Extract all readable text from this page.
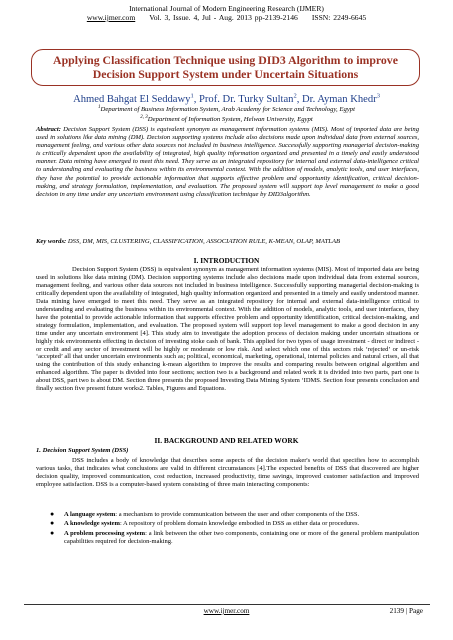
International Journal of Modern Engineering Research (IJMER)
www.ijmer.com Vol. 3, Issue. 4, Jul - Aug. 2013 pp-2139-2146 ISSN: 2249-6645
Applying Classification Technique using DID3 Algorithm to improve
Decision Support System under Uncertain Situations
Ahmed Bahgat El Seddawy$^1$, Prof. Dr. Turky Sultan$^2$, Dr. Ayman Khedr$^3$
$^1$Department of Business Information System, Arab Academy for Science and Technology, Egypt
$^{2, 3}$Department of Information System, Helwan University, Egypt
Abstract: Decision Support System (DSS) is equivalent synonym as management information systems (MIS). Most of imported data are being used in solutions like data mining (DM). Decision supporting systems include also decisions made upon individual data from external sources, management feeling, and various other data sources not included in business intelligence. Successfully supporting managerial decision-making is critically dependent upon the availability of integrated, high quality information organized and presented in a timely and easily understood manner. Data mining have emerged to meet this need. They serve as an integrated repository for internal and external data-intelligence critical to understanding and evaluating the business within its environmental context. With the addition of models, analytic tools, and user interfaces, they have the potential to provide actionable information that supports effective problem and opportunity identification, critical decision-making, and strategy formulation, implementation, and evaluation. The proposed system will support top level management to make a good decision in any time under any uncertain environment using classification technique by DID3algorithm.
Key words: DSS, DM, MIS, CLUSTERING, CLASSIFICATION, ASSOCIATION RULE, K-MEAN, OLAP, MATLAB
I. INTRODUCTION

Decision Support System (DSS) is equivalent synonym as management information systems (MIS). Most of imported data are being used in solutions like data mining (DM). Decision supporting systems include also decisions made upon individual data from external sources, management feeling, and various other data sources not included in business intelligence. Successfully supporting managerial decision-making is critically dependent upon the availability of integrated, high quality information organized and presented in a timely and easily understood manner. Data mining have emerged to meet this need. They serve as an integrated repository for internal and external data-intelligence critical to understanding and evaluating the business within its environmental context. With the addition of models, analytic tools, and user interfaces, they have the potential to provide actionable information that supports effective problem and opportunity identification, critical decision-making, and strategy formulation, implementation, and evaluation. The proposed system will support top level management to make a good decision in any time under any uncertain environment [4]. This study aim to investigate the adoption process of decision making under uncertain situations or highly risk environments effecting in decision of investing stoke cash of bank. This applied for two types of usage investment - direct or indirect - or credit and any sector of investment will be highly or moderate or low risk. And select which one of this sectors risk ‘rejected’ or un-risk ‘accepted’ all that under uncertain environments such as; political, economical, marketing, operational, internal policies and natural crises, all that using the contribution of this study enhancing k-mean algorithm to improve the results and comparing results between original algorithm and enhanced algorithm. The paper is divided into four sections; section two is a background and related work it is divided into two parts, part one is about DSS, part two is about DM. Section three presents the proposed Investing Data Mining System ‘IDMS. Section four presents conclusion and finally section five present future works2. Tables, Figures and Equations.

II. BACKGROUND AND RELATED WORK
1. Decision Support System (DSS)

DSS includes a body of knowledge that describes some aspects of the decision maker's world that specifies how to accomplish various tasks, that indicates what conclusions are valid in different circumstances [4].The expected benefits of DSS that discovered are higher decision quality, improved communication, cost reduction, increased productivity, time savings, improved customer satisfaction and improved employee satisfaction. DSS is a computer-based system consisting of three main interacting components:

● A language system: a mechanism to provide communication between the user and other components of the DSS.
● A knowledge system: A repository of problem domain knowledge embodied in DSS as either data or procedures.
● A problem processing system: a link between the other two components, containing one or more of the general problem manipulation capabilities required for decision-making.
www.ijmer.com	2139 | Page
